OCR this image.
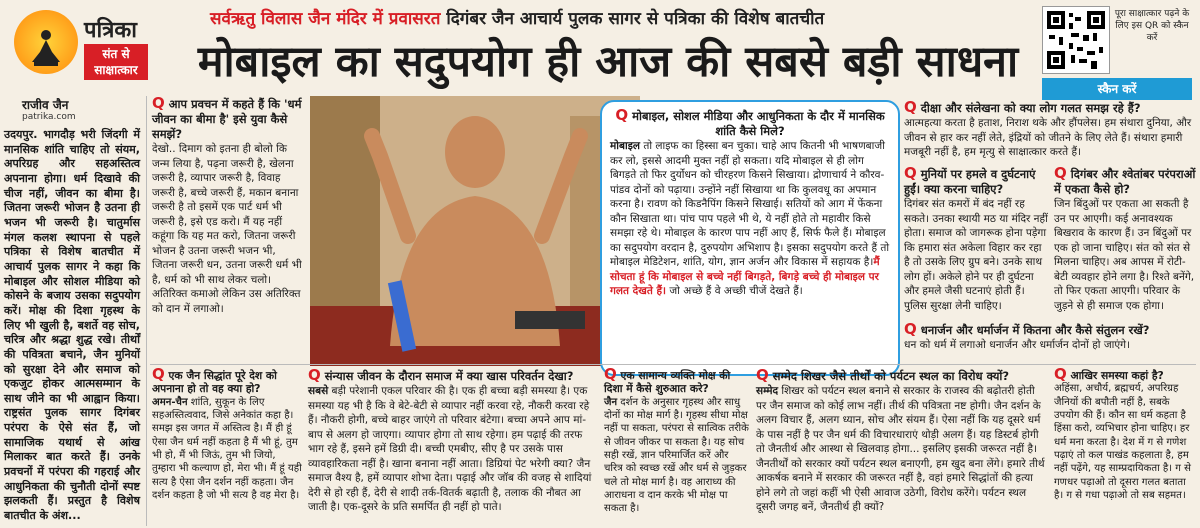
पत्रिका
संत से साक्षात्कार
सर्वऋतु विलास जैन मंदिर में प्रवासरत दिगंबर जैन आचार्य पुलक सागर से पत्रिका की विशेष बातचीत
मोबाइल का सदुपयोग ही आज की सबसे बड़ी साधना
पूरा साक्षात्कार पढ़ने के लिए इस QR को स्कैन करें
स्कैन करें
राजीव जैन
patrika.com
उदयपुर. भागदौड़ भरी जिंदगी में मानसिक शांति चाहिए तो संयम, अपरिग्रह और सहअस्तित्व अपनाना होगा। धर्म दिखावे की चीज नहीं, जीवन का बीमा है। जितना जरूरी भोजन है उतना ही भजन भी जरूरी है। चातुर्मास मंगल कलश स्थापना से पहले पत्रिका से विशेष बातचीत में आचार्य पुलक सागर ने कहा कि मोबाइल और सोशल मीडिया को कोसने के बजाय उसका सदुपयोग करें। मोक्ष की दिशा गृहस्थ के लिए भी खुली है, बशर्ते वह सोच, चरित्र और श्रद्धा शुद्ध रखे। तीर्थों की पवित्रता बचाने, जैन मुनियों को सुरक्षा देने और समाज को एकजुट होकर आत्मसम्मान के साथ जीने का भी आह्वान किया। राष्ट्रसंत पुलक सागर दिगंबर परंपरा के ऐसे संत हैं, जो सामाजिक यथार्थ से आंख मिलाकर बात करते हैं। उनके प्रवचनों में परंपरा की गहराई और आधुनिकता की चुनौती दोनों स्पष्ट झलकती हैं। प्रस्तुत है विशेष बातचीत के अंश...
Q आप प्रवचन में कहते हैं कि 'धर्म जीवन का बीमा है' इसे युवा कैसे समझें?
देखो.. दिमाग को इतना ही बोलो कि जन्म लिया है, पढ़ना जरूरी है, खेलना जरूरी है, व्यापार जरूरी है, विवाह जरूरी है, बच्चे जरूरी हैं, मकान बनाना जरूरी है तो इसमें एक पार्ट धर्म भी जरूरी है, इसे एड करो। मैं यह नहीं कहूंगा कि यह मत करो, जितना जरूरी भोजन है उतना जरूरी भजन भी, जितना जरूरी धन, उतना जरूरी धर्म भी है, धर्म को भी साथ लेकर चलो। अतिरिक्त कमाओ लेकिन उस अतिरिक्त को दान में लगाओ।
Q मोबाइल, सोशल मीडिया और आधुनिकता के दौर में मानसिक शांति कैसे मिले?
मोबाइल तो लाइफ का हिस्सा बन चुका। चाहे आप कितनी भी भाषणबाजी कर लो, इससे आदमी मुक्त नहीं हो सकता। यदि मोबाइल से ही लोग बिगड़ते तो फिर दुर्योधन को चीरहरण किसने सिखाया। द्रोणाचार्य ने कौरव-पांडव दोनों को पढ़ाया। उन्होंने नहीं सिखाया था कि कुलवधू का अपमान करना है। रावण को किडनैपिंग किसने सिखाई। सतियों को आग में फेंकना कौन सिखाता था। पांच पाप पहले भी थे, ये नहीं होते तो महावीर किसे समझा रहे थे। मोबाइल के कारण पाप नहीं आए हैं, सिर्फ फैले हैं। मोबाइल का सदुपयोग वरदान है, दुरुपयोग अभिशाप है। इसका सदुपयोग करते हैं तो मोबाइल मेडिटेशन, शांति, योग, ज्ञान अर्जन और विकास में सहायक है।मैं सोचता हूं कि मोबाइल से बच्चे नहीं बिगड़ते, बिगड़े बच्चे ही मोबाइल पर गलत देखते हैं। जो अच्छे हैं वे अच्छी चीजें देखते हैं।
Q दीक्षा और संलेखना को क्या लोग गलत समझ रहे हैं?
आत्महत्या करता है हताश, निराश थके और हौंपलेस। हम संथारा दुनिया, और जीवन से हार कर नहीं लेते, इंद्रियों को जीतने के लिए लेते हैं। संथारा हमारी मजबूरी नहीं है, हम मृत्यु से साक्षात्कार करते हैं।
Q मुनियों पर हमले व दुर्घटनाएं हुईं। क्या करना चाहिए?
दिगंबर संत कमरों में बंद नहीं रह सकते। उनका स्थायी मठ या मंदिर नहीं होता। समाज को जागरूक होना पड़ेगा कि हमारा संत अकेला विहार कर रहा है तो उसके लिए ग्रुप बने। उनके साथ लोग हों। अकेले होने पर ही दुर्घटना और हमले जैसी घटनाएं होती हैं। पुलिस सुरक्षा लेनी चाहिए।
Q दिगंबर और श्वेतांबर परंपराओं में एकता कैसे हो?
जिन बिंदुओं पर एकता आ सकती है उन पर आएगी। कई अनावश्यक बिखराव के कारण हैं। उन बिंदुओं पर एक हो जाना चाहिए। संत को संत से मिलना चाहिए। अब आपस में रोटी-बेटी व्यवहार होने लगा है। रिश्ते बनेंगे, तो फिर एकता आएगी। परिवार के जुड़ने से ही समाज एक होगा।
Q धनार्जन और धर्मार्जन में कितना और कैसे संतुलन रखें?
धन को धर्म में लगाओ धनार्जन और धर्मार्जन दोनों हो जाएंगे।
Q एक जैन सिद्धांत पूरे देश को अपनाना हो तो वह क्या हो?
अमन-चैन शांति, सुकून के लिए सहअस्तित्ववाद, जिसे अनेकांत कहा है। समझ इस जगत में अस्तित्व है। मैं ही हूं ऐसा जैन धर्म नहीं कहता है मैं भी हूं, तुम भी हो, मैं भी जिऊं, तुम भी जियो, तुम्हारा भी कल्याण हो, मेरा भी। मैं हूं यही सत्य है ऐसा जैन दर्शन नहीं कहता। जैन दर्शन कहता है जो भी सत्य है वह मेरा है।
Q संन्यास जीवन के दौरान समाज में क्या खास परिवर्तन देखा?
सबसे बड़ी परेशानी एकल परिवार की है। एक ही बच्चा बड़ी समस्या है। एक समस्या यह भी है कि वे बेटे-बेटी से व्यापार नहीं करवा रहे, नौकरी करवा रहे हैं। नौकरी होगी, बच्चे बाहर जाएंगे तो परिवार बंटेगा। बच्चा अपने आप मां-बाप से अलग हो जाएगा। व्यापार होगा तो साथ रहेगा। हम पढ़ाई की तरफ भाग रहे हैं, इसने हमें डिग्री दी। बच्ची एमबीए, सीए है पर उसके पास व्यावहारिकता नहीं है। खाना बनाना नहीं आता। डिग्रियां पेट भरेगी क्या? जैन समाज वैश्य है, हमें व्यापार शोभा देता। पढ़ाई और जॉब की वजह से शादियां देरी से हो रही हैं, देरी से शादी तर्क-वितर्क बढ़ाती है, तलाक की नौबत आ जाती है। एक-दूसरे के प्रति समर्पित ही नहीं हो पाते।
Q एक सामान्य व्यक्ति मोक्ष की दिशा में कैसे शुरुआत करे?
जैन दर्शन के अनुसार गृहस्थ और साधु दोनों का मोक्ष मार्ग है। गृहस्थ सीधा मोक्ष नहीं पा सकता, परंपरा से सात्विक तरीके से जीवन जीकर पा सकता है। यह सोच सही रखें, ज्ञान परिमार्जित करें और चरित्र को स्वच्छ रखें और धर्म से जुड़कर चले तो मोक्ष मार्ग है। वह आराध्य की आराधना व दान करके भी मोक्ष पा सकता है।
Q सम्मेद शिखर जैसे तीर्थों को पर्यटन स्थल का विरोध क्यों?
सम्मेद शिखर को पर्यटन स्थल बनाने से सरकार के राजस्व की बढ़ोतरी होती पर जैन समाज को कोई लाभ नहीं। तीर्थ की पवित्रता नष्ट होगी। जैन दर्शन के अलग विचार हैं, अलग ध्यान, सोच और संयम हैं। ऐसा नहीं कि यह दूसरे धर्म के पास नहीं है पर जैन धर्म की विचारधाराएं थोड़ी अलग हैं। यह डिस्टर्ब होगी तो जैनतीर्थ और आस्था से खिलवाड़ होगा... इसलिए इसकी जरूरत नहीं है। जैनतीर्थों को सरकार क्यों पर्यटन स्थल बनाएगी, हम खुद बना लेंगे। हमारे तीर्थ आकर्षक बनाने में सरकार की जरूरत नहीं है, वहां हमारे सिद्धांतों की हत्या होने लगे तो जहां कहीं भी ऐसी आवाज उठेगी, विरोध करेंगे। पर्यटन स्थल दूसरी जगह बनें, जैनतीर्थ ही क्यों?
Q आखिर समस्या कहां है?
अहिंसा, अचौर्य, ब्रह्मचर्य, अपरिग्रह जैनियों की बपौती नहीं है, सबके उपयोग की हैं। कौन सा धर्म कहता है हिंसा करो, व्यभिचार होना चाहिए। हर धर्म मना करता है। देश में ग से गणेश पढ़ाएं तो कल पाखंड कहलाता है, हम नहीं पढ़ेंगे, यह साम्प्रदायिकता है। ग से गणधर पढ़ाओ तो दूसरा गलत बताता है। ग से गधा पढ़ाओ तो सब सहमत।
